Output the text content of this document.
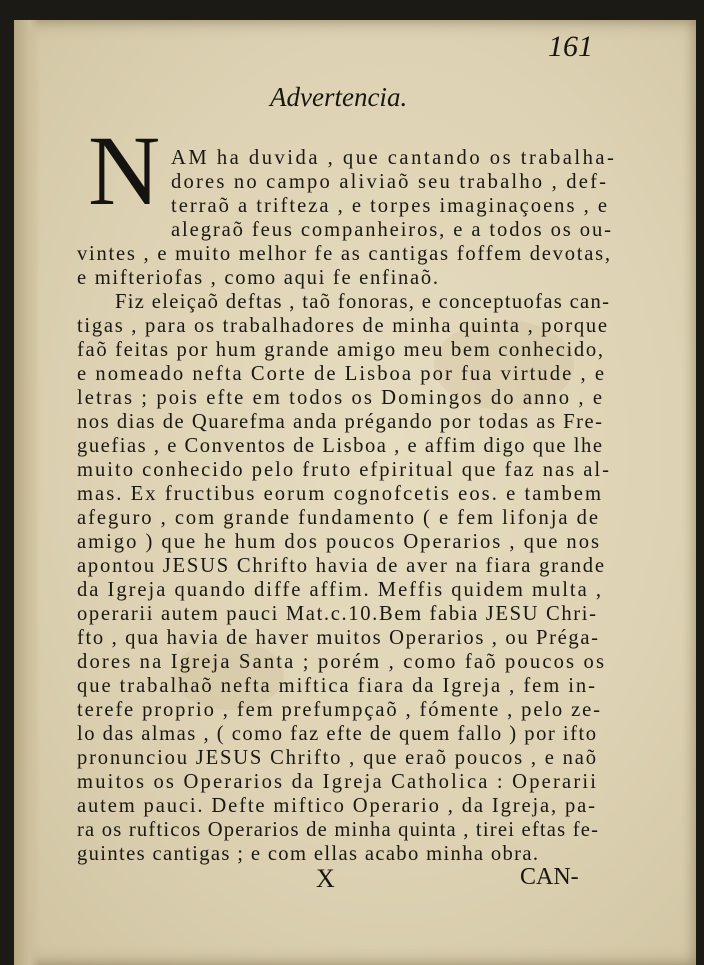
161
Advertencia.
N AM ha duvida , que cantando os trabalha-
dores no campo aliviaõ seu trabalho , def-
terraõ a trifteza , e torpes imaginaçoens , e
alegraõ feus companheiros, e a todos os ou-
vintes , e muito melhor fe as cantigas foffem devotas,
e mifteriofas , como aqui fe enfinaõ.
Fiz eleiçaõ deftas , taõ fonoras, e conceptuofas can-
tigas , para os trabalhadores de minha quinta , porque
faõ feitas por hum grande amigo meu bem conhecido,
e nomeado nefta Corte de Lisboa por fua virtude , e
letras ; pois efte em todos os Domingos do anno , e
nos dias de Quarefma anda prégando por todas as Fre-
guefias , e Conventos de Lisboa , e affim digo que lhe
muito conhecido pelo fruto efpiritual que faz nas al-
mas. Ex fructibus eorum cognofcetis eos. e tambem
afeguro , com grande fundamento ( e fem lifonja de
amigo ) que he hum dos poucos Operarios , que nos
apontou JESUS Chrifto havia de aver na fiara grande
da Igreja quando diffe affim. Meffis quidem multa ,
operarii autem pauci Mat.c.10.Bem fabia JESU Chri-
fto , qua havia de haver muitos Operarios , ou Préga-
dores na Igreja Santa ; porém , como faõ poucos os
que trabalhaõ nefta miftica fiara da Igreja , fem in-
terefe proprio , fem prefumpçaõ , fómente , pelo ze-
lo das almas , ( como faz efte de quem fallo ) por ifto
pronunciou JESUS Chrifto , que eraõ poucos , e naõ
muitos os Operarios da Igreja Catholica : Operarii
autem pauci. Defte miftico Operario , da Igreja, pa-
ra os rufticos Operarios de minha quinta , tirei eftas fe-
guintes cantigas ; e com ellas acabo minha obra.
X	CAN-
